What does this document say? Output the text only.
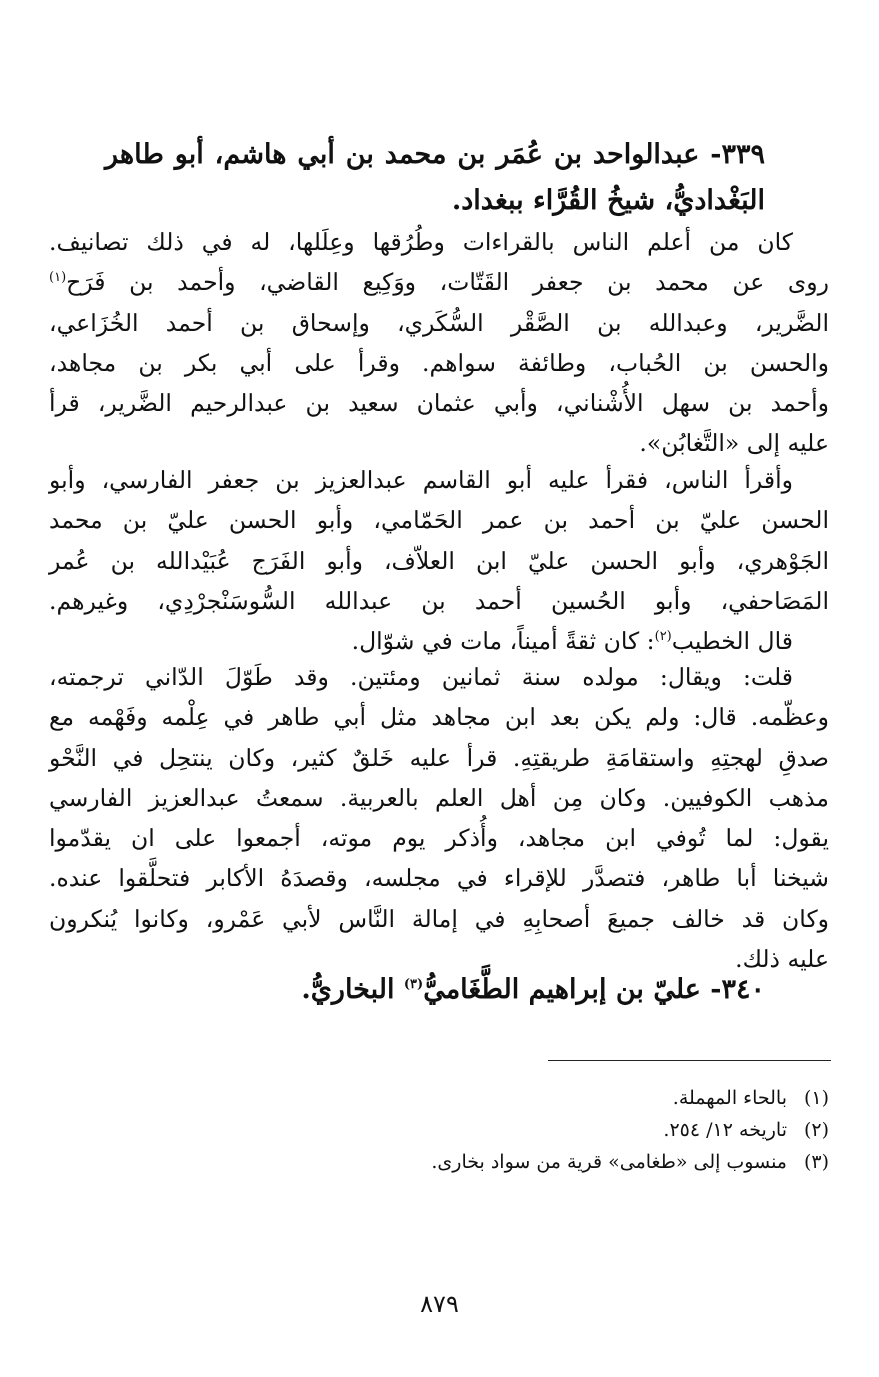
٣٣٩- عبدالواحد بن عُمَر بن محمد بن أبي هاشم، أبو طاهر
البَغْداديُّ، شيخُ القُرَّاء ببغداد.
كان من أعلم الناس بالقراءات وطُرُقها وعِلَلها، له في ذلك تصانيف.
روى عن محمد بن جعفر القَتّات، ووَكِيع القاضي، وأحمد بن فَرَح$^{(١)}$
الضَّرير، وعبدالله بن الصَّقْر السُّكَري، وإسحاق بن أحمد الخُزَاعي،
والحسن بن الحُباب، وطائفة سواهم. وقرأ على أبي بكر بن مجاهد،
وأحمد بن سهل الأُشْناني، وأبي عثمان سعيد بن عبدالرحيم الضَّرير، قرأ
عليه إلى «التَّغابُن».
وأقرأ الناس، فقرأ عليه أبو القاسم عبدالعزيز بن جعفر الفارسي، وأبو
الحسن عليّ بن أحمد بن عمر الحَمّامي، وأبو الحسن عليّ بن محمد
الجَوْهري، وأبو الحسن عليّ ابن العلاّف، وأبو الفَرَج عُبَيْدالله بن عُمر
المَصَاحفي، وأبو الحُسين أحمد بن عبدالله السُّوسَنْجرْدِي، وغيرهم.
قال الخطيب$^{(٢)}$: كان ثقةً أميناً، مات في شوّال.
قلت: ويقال: مولده سنة ثمانين ومئتين. وقد طَوّلَ الدّاني ترجمته،
وعظّمه. قال: ولم يكن بعد ابن مجاهد مثل أبي طاهر في عِلْمه وفَهْمه مع
صدقِ لهجتِهِ واستقامَةِ طريقتِهِ. قرأ عليه خَلقٌ كثير، وكان ينتحِل في النَّحْو
مذهب الكوفيين. وكان مِن أهل العلم بالعربية. سمعتُ عبدالعزيز الفارسي
يقول: لما تُوفي ابن مجاهد، وأُذكر يوم موته، أجمعوا على ان يقدّموا
شيخنا أبا طاهر، فتصدَّر للإقراء في مجلسه، وقصدَهُ الأكابر فتحلَّقوا عنده.
وكان قد خالف جميعَ أصحابِهِ في إمالة النَّاس لأبي عَمْرو، وكانوا يُنكرون
عليه ذلك.
٣٤٠- عليّ بن إبراهيم الطَّغَاميُّ$^{(٣)}$ البخاريُّ.
(١)بالحاء المهملة.
(٢)تاريخه ١٢/ ٢٥٤.
(٣)منسوب إلى «طغامى» قرية من سواد بخارى.
٨٧٩
